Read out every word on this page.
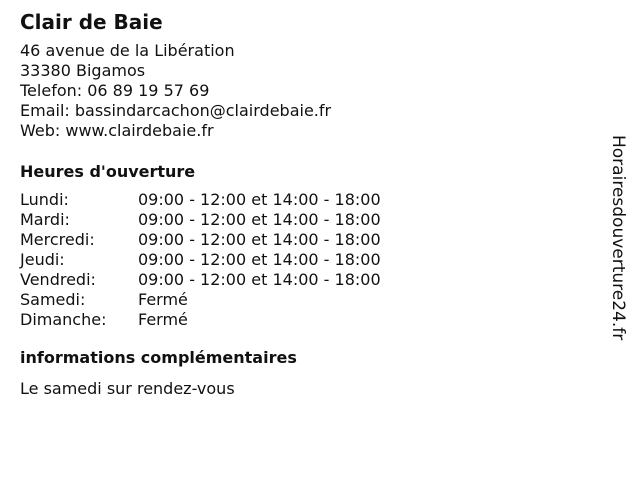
Clair de Baie
46 avenue de la Libération
33380 Bigamos
Telefon: 06 89 19 57 69
Email: bassindarcachon@clairdebaie.fr
Web: www.clairdebaie.fr
Heures d'ouverture
Lundi:	09:00 - 12:00 et 14:00 - 18:00
Mardi:	09:00 - 12:00 et 14:00 - 18:00
Mercredi:	09:00 - 12:00 et 14:00 - 18:00
Jeudi:	09:00 - 12:00 et 14:00 - 18:00
Vendredi:	09:00 - 12:00 et 14:00 - 18:00
Samedi:	Fermé
Dimanche:	Fermé
informations complémentaires
Le samedi sur rendez-vous
Horairesdouverture24.fr
